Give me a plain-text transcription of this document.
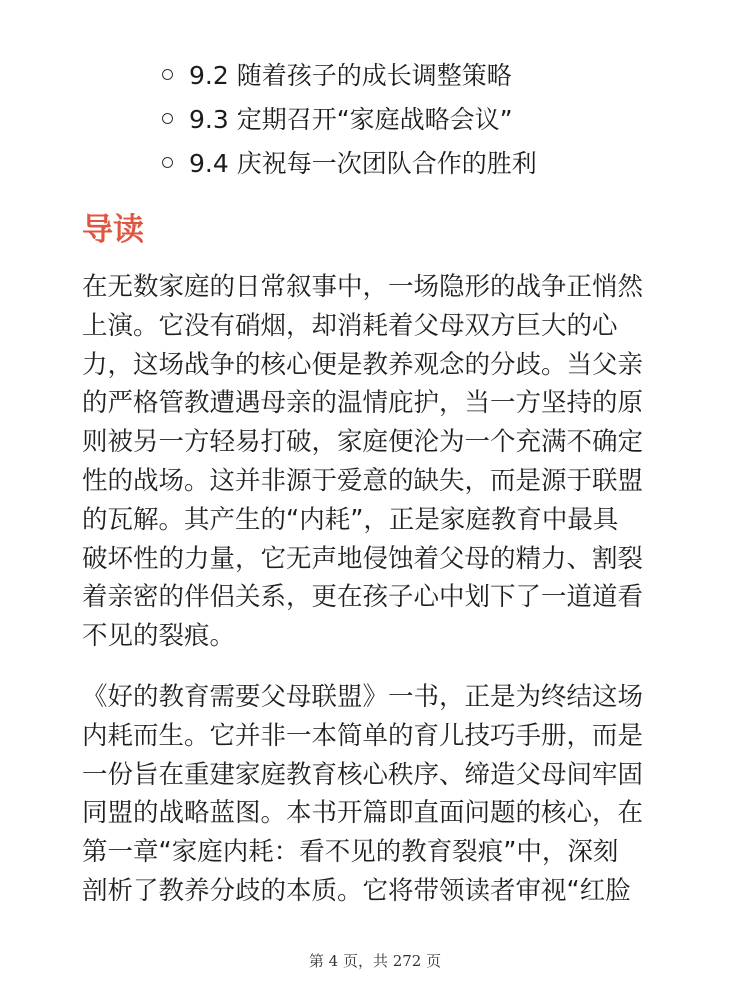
9.2 随着孩子的成长调整策略
9.3 定期召开“家庭战略会议”
9.4 庆祝每一次团队合作的胜利
导读

在无数家庭的日常叙事中，一场隐形的战争正悄然
上演。它没有硝烟，却消耗着父母双方巨大的心
力，这场战争的核心便是教养观念的分歧。当父亲
的严格管教遭遇母亲的温情庇护，当一方坚持的原
则被另一方轻易打破，家庭便沦为一个充满不确定
性的战场。这并非源于爱意的缺失，而是源于联盟
的瓦解。其产生的“内耗”，正是家庭教育中最具
破坏性的力量，它无声地侵蚀着父母的精力、割裂
着亲密的伴侣关系，更在孩子心中划下了一道道看
不见的裂痕。

《好的教育需要父母联盟》一书，正是为终结这场
内耗而生。它并非一本简单的育儿技巧手册，而是
一份旨在重建家庭教育核心秩序、缔造父母间牢固
同盟的战略蓝图。本书开篇即直面问题的核心，在
第一章“家庭内耗：看不见的教育裂痕”中，深刻
剖析了教养分歧的本质。它将带领读者审视“红脸

第 4 页，共 272 页
